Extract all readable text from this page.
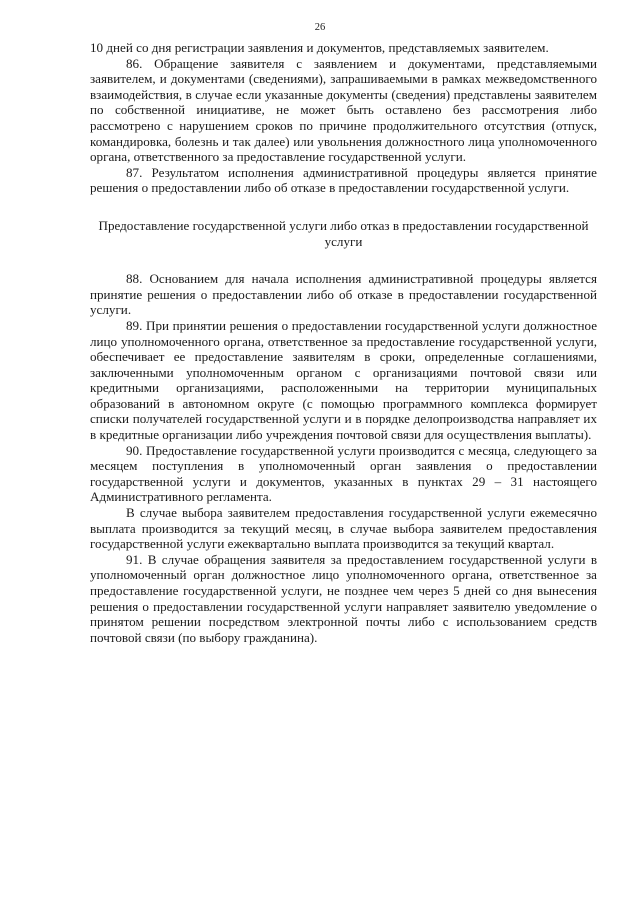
26

10 дней со дня регистрации заявления и документов, представляемых заявителем.

86. Обращение заявителя с заявлением и документами, представляемыми заявителем, и документами (сведениями), запрашиваемыми в рамках межведомственного взаимодействия, в случае если указанные документы (сведения) представлены заявителем по собственной инициативе, не может быть оставлено без рассмотрения либо рассмотрено с нарушением сроков по причине продолжительного отсутствия (отпуск, командировка, болезнь и так далее) или увольнения должностного лица уполномоченного органа, ответственного за предоставление государственной услуги.

87. Результатом исполнения административной процедуры является принятие решения о предоставлении либо об отказе в предоставлении государственной услуги.

Предоставление государственной услуги либо отказ в предоставлении государственной услуги

88. Основанием для начала исполнения административной процедуры является принятие решения о предоставлении либо об отказе в предоставлении государственной услуги.

89. При принятии решения о предоставлении государственной услуги должностное лицо уполномоченного органа, ответственное за предоставление государственной услуги, обеспечивает ее предоставление заявителям в сроки, определенные соглашениями, заключенными уполномоченным органом с организациями почтовой связи или кредитными организациями, расположенными на территории муниципальных образований в автономном округе (с помощью программного комплекса формирует списки получателей государственной услуги и в порядке делопроизводства направляет их в кредитные организации либо учреждения почтовой связи для осуществления выплаты).

90. Предоставление государственной услуги производится с месяца, следующего за месяцем поступления в уполномоченный орган заявления о предоставлении государственной услуги и документов, указанных в пунктах 29 – 31 настоящего Административного регламента.

В случае выбора заявителем предоставления государственной услуги ежемесячно выплата производится за текущий месяц, в случае выбора заявителем предоставления государственной услуги ежеквартально выплата производится за текущий квартал.

91. В случае обращения заявителя за предоставлением государственной услуги в уполномоченный орган должностное лицо уполномоченного органа, ответственное за предоставление государственной услуги, не позднее чем через 5 дней со дня вынесения решения о предоставлении государственной услуги направляет заявителю уведомление о принятом решении посредством электронной почты либо с использованием средств почтовой связи (по выбору гражданина).
